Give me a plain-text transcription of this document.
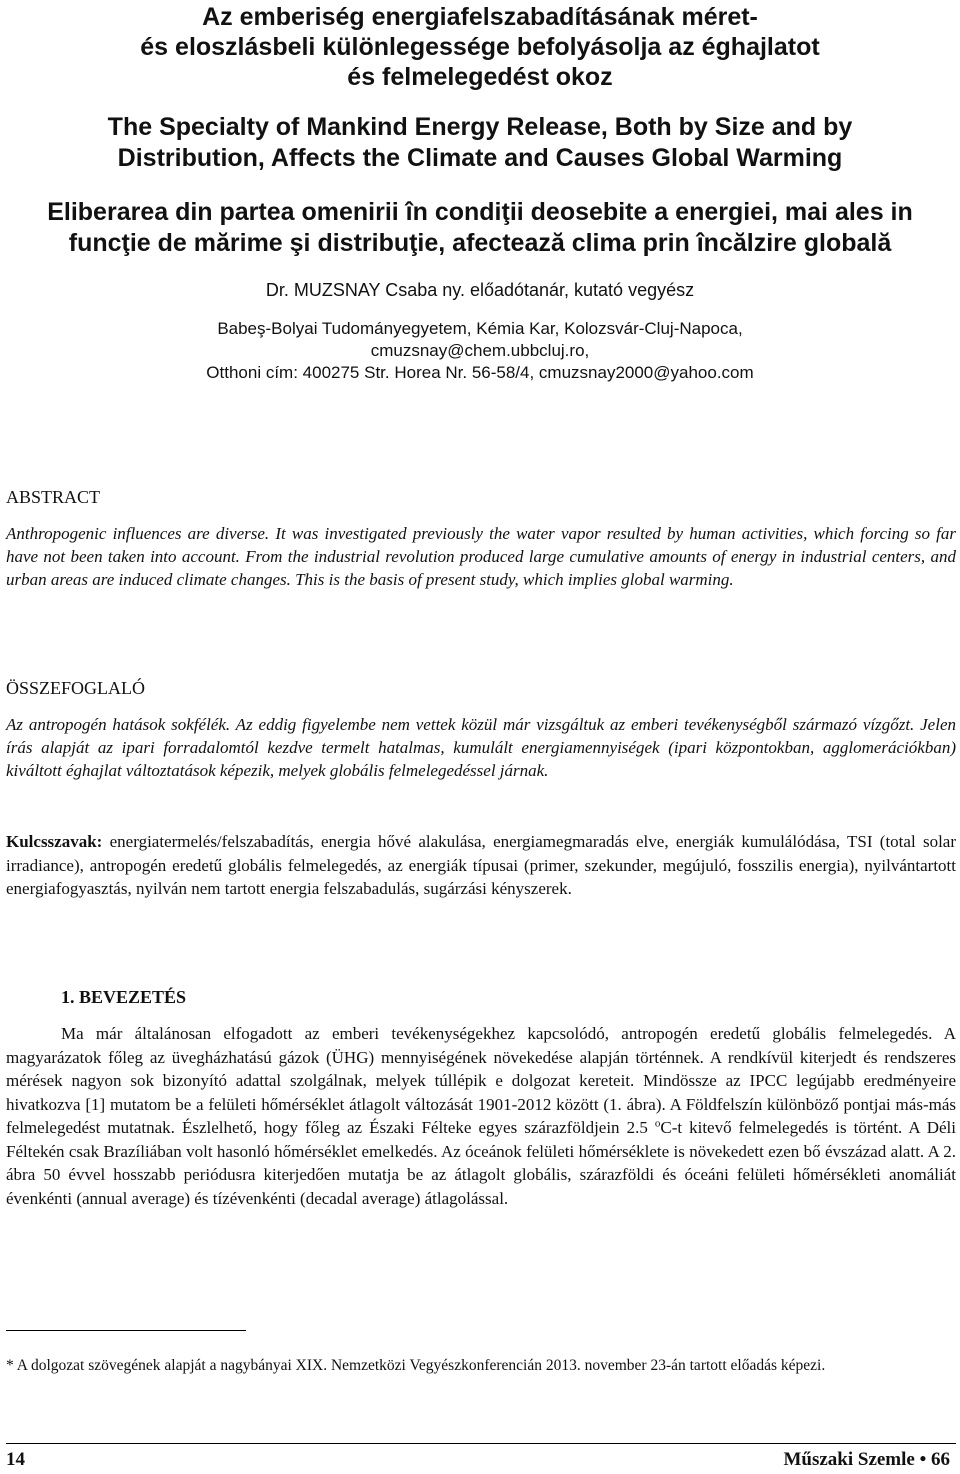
Az emberiség energiafelszabadításának méret-
és eloszlásbeli különlegessége befolyásolja az éghajlatot
és felmelegedést okoz
The Specialty of Mankind Energy Release, Both by Size and by
Distribution, Affects the Climate and Causes Global Warming
Eliberarea din partea omenirii în condiţii deosebite a energiei, mai ales in
funcţie de mărime şi distribuţie, afectează clima prin încălzire globală
Dr. MUZSNAY Csaba ny. előadótanár, kutató vegyész
Babeş-Bolyai Tudományegyetem, Kémia Kar, Kolozsvár-Cluj-Napoca,
cmuzsnay@chem.ubbcluj.ro,
Otthoni cím: 400275 Str. Horea Nr. 56-58/4, cmuzsnay2000@yahoo.com
ABSTRACT
Anthropogenic influences are diverse. It was investigated previously the water vapor resulted by human activities, which forcing so far have not been taken into account. From the industrial revolution produced large cumulative amounts of energy in industrial centers, and urban areas are induced climate changes. This is the basis of present study, which implies global warming.
ÖSSZEFOGLALÓ
Az antropogén hatások sokfélék. Az eddig figyelembe nem vettek közül már vizsgáltuk az emberi tevékenységből származó vízgőzt. Jelen írás alapját az ipari forradalomtól kezdve termelt hatalmas, kumulált energiamennyiségek (ipari központokban, agglomerációkban) kiváltott éghajlat változtatások képezik, melyek globális felmelegedéssel járnak.
Kulcsszavak: energiatermelés/felszabadítás, energia hővé alakulása, energiamegmaradás elve, energiák kumulálódása, TSI (total solar irradiance), antropogén eredetű globális felmelegedés, az energiák típusai (primer, szekunder, megújuló, fosszilis energia), nyilvántartott energiafogyasztás, nyilván nem tartott energia felszabadulás, sugárzási kényszerek.
1. BEVEZETÉS
Ma már általánosan elfogadott az emberi tevékenységekhez kapcsolódó, antropogén eredetű globális felmelegedés. A magyarázatok főleg az üvegházhatású gázok (ÜHG) mennyiségének növekedése alapján történnek. A rendkívül kiterjedt és rendszeres mérések nagyon sok bizonyító adattal szolgálnak, melyek túllépik e dolgozat kereteit. Mindössze az IPCC legújabb eredményeire hivatkozva [1] mutatom be a felületi hőmérséklet átlagolt változását 1901-2012 között (1. ábra). A Földfelszín különböző pontjai más-más felmelegedést mutatnak. Észlelhető, hogy főleg az Északi Félteke egyes szárazföldjein 2.5 $^o$C-t kitevő felmelegedés is történt. A Déli Féltekén csak Brazíliában volt hasonló hőmérséklet emelkedés. Az óceánok felületi hőmérséklete is növekedett ezen bő évszázad alatt. A 2. ábra 50 évvel hosszabb periódusra kiterjedően mutatja be az átlagolt globális, szárazföldi és óceáni felületi hőmérsékleti anomáliát évenkénti (annual average) és tízévenkénti (decadal average) átlagolással.
* A dolgozat szövegének alapját a nagybányai XIX. Nemzetközi Vegyészkonferencián 2013. november 23-án tartott előadás képezi.
14	Műszaki Szemle • 66
